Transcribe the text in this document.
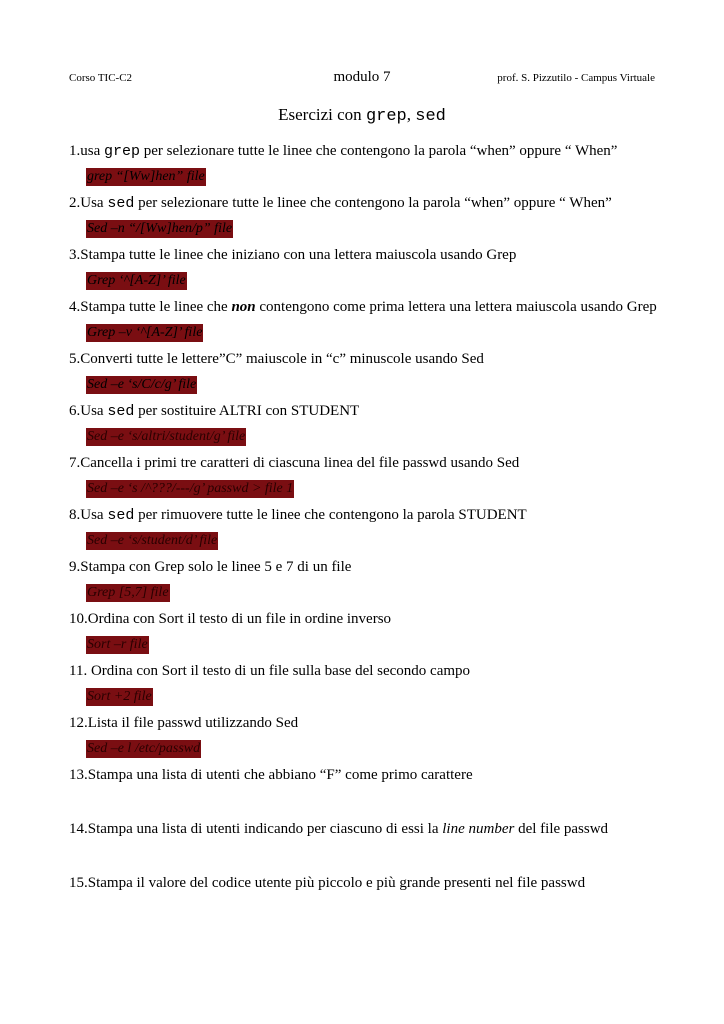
Corso TIC-C2	modulo 7	prof. S. Pizzutilo - Campus Virtuale
Esercizi con grep, sed
1.usa grep per selezionare tutte le linee che contengono la parola “when” oppure “ When”
grep “[Ww]hen” file
2.Usa sed per selezionare tutte le linee che contengono la parola “when” oppure “ When”
Sed –n “/[Ww]hen/p” file
3.Stampa tutte le linee che iniziano con una lettera maiuscola usando Grep
Grep ‘^[A-Z]’ file
4.Stampa tutte le linee che non contengono come prima lettera una lettera maiuscola usando Grep
Grep –v ‘^[A-Z]’ file
5.Converti tutte le lettere”C” maiuscole in “c” minuscole usando Sed
Sed –e ‘s/C/c/g’ file
6.Usa sed per sostituire ALTRI con STUDENT
Sed –e ‘s/altri/student/g’ file
7.Cancella i primi tre caratteri di ciascuna linea del file passwd usando Sed
Sed –e ‘s /^???/---/g’ passwd > file 1
8.Usa sed per rimuovere tutte le linee che contengono la parola STUDENT
Sed –e ‘s/student/d’ file
9.Stampa con Grep solo le linee 5 e 7 di un file
Grep [5,7] file
10.Ordina con Sort il testo di un file in ordine inverso
Sort –r file
11. Ordina con Sort il testo di un file sulla base del secondo campo
Sort +2 file
12.Lista il file passwd utilizzando Sed
Sed –e l /etc/passwd
13.Stampa una lista di utenti che abbiano “F” come primo carattere
14.Stampa una lista di utenti indicando per ciascuno di essi la line number del file passwd
15.Stampa il valore del codice utente più piccolo e più grande presenti nel file passwd
